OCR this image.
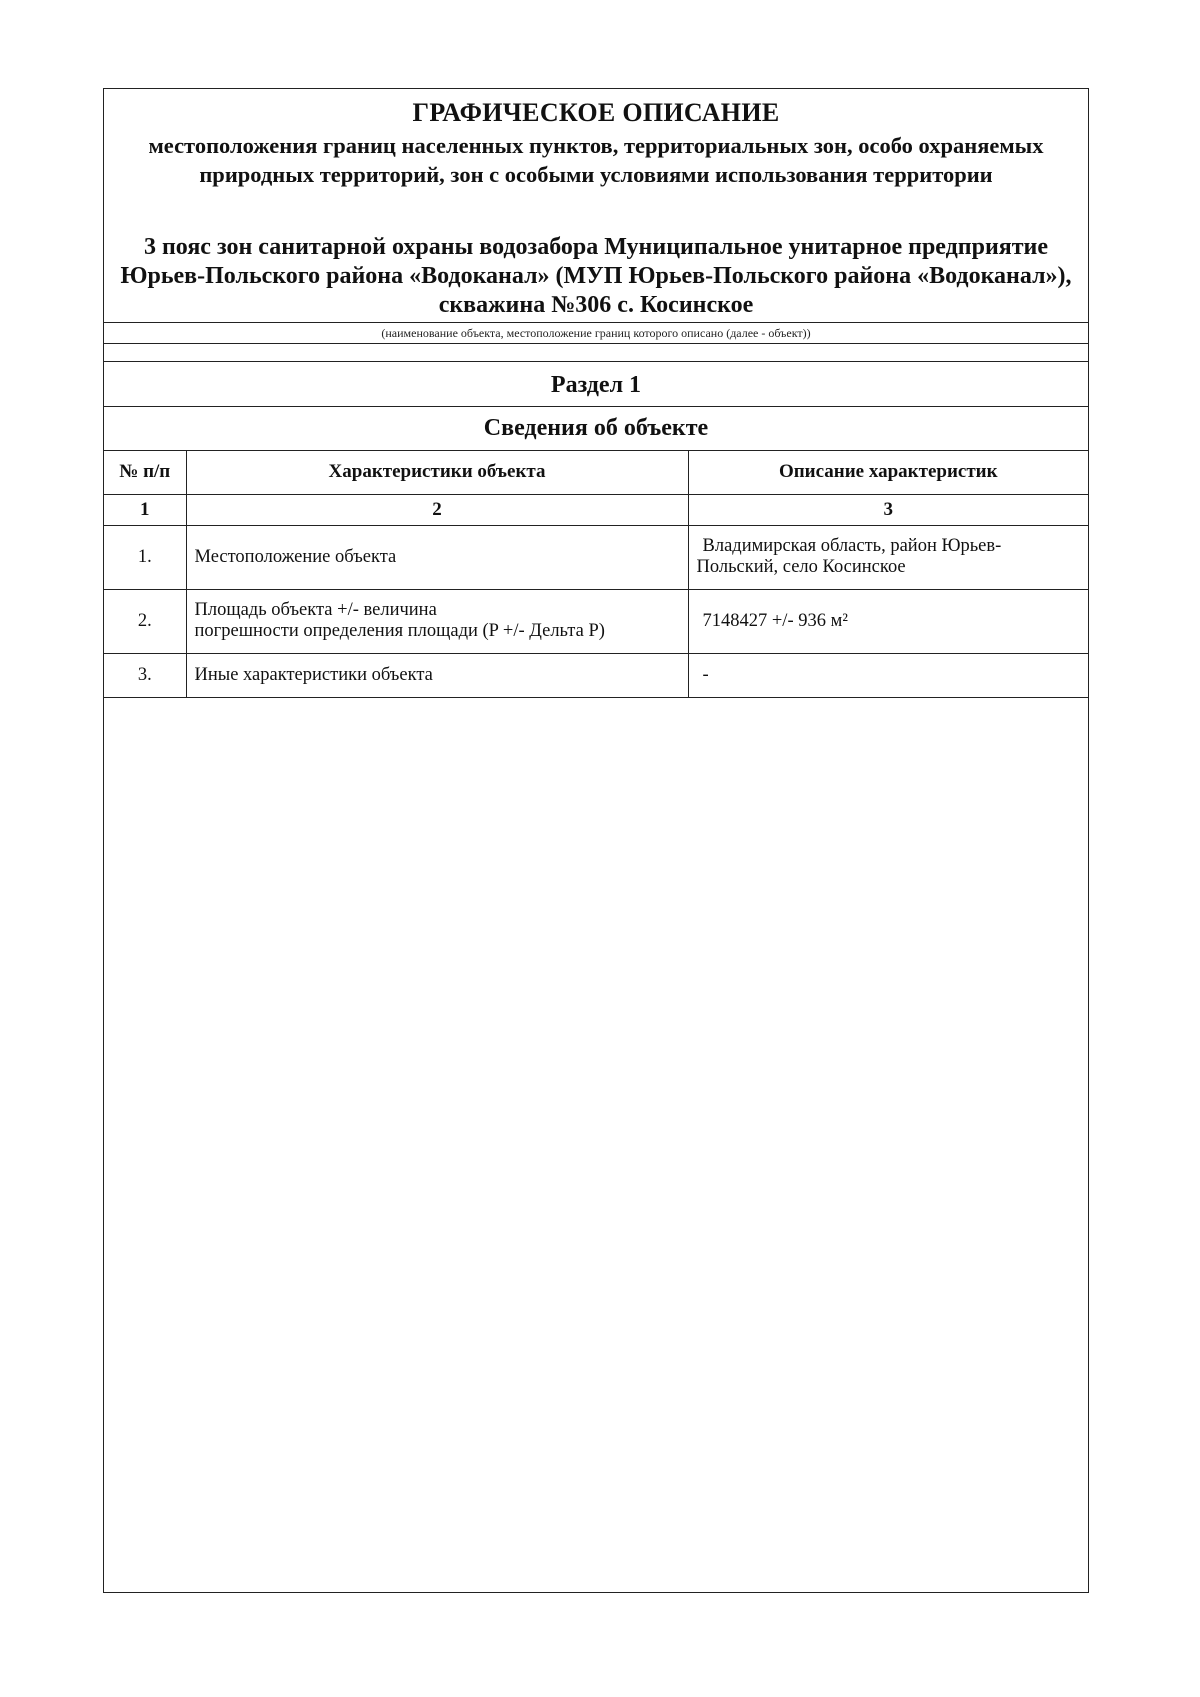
ГРАФИЧЕСКОЕ ОПИСАНИЕ
местоположения границ населенных пунктов, территориальных зон, особо охраняемых природных территорий, зон с особыми условиями использования территории
3 пояс зон санитарной охраны водозабора Муниципальное унитарное предприятие Юрьев-Польского района «Водоканал» (МУП Юрьев-Польского района «Водоканал»), скважина №306 с. Косинское
(наименование объекта, местоположение границ которого описано (далее - объект))
Раздел 1
Сведения об объекте
№ п/п	Характеристики объекта	Описание характеристик
1	2	3
1.	Местоположение объекта	Владимирская область, район Юрьев-
Польский, село Косинское

2.	Площадь объекта +/- величина
погрешности определения площади (P +/- Дельта P)	7148427 +/- 936 м²
3.	Иные характеристики объекта	-
